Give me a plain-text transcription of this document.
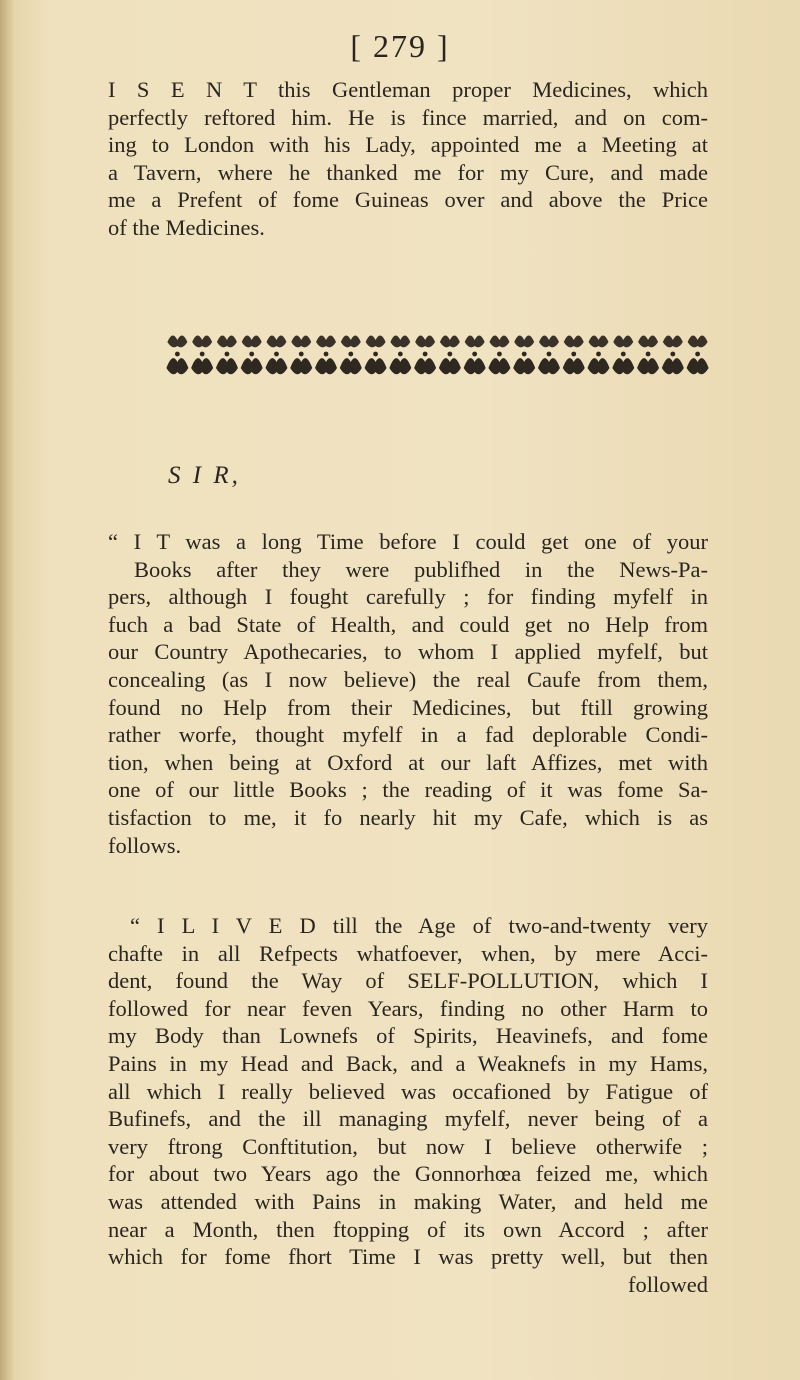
[ 279 ]
I S E N T this Gentleman proper Medicines, which
perfectly reftored him. He is fince married, and on com-
ing to London with his Lady, appointed me a Meeting at
a Tavern, where he thanked me for my Cure, and made
me a Prefent of fome Guineas over and above the Price
of the Medicines.
S I R,
“ I T was a long Time before I could get one of your
Books after they were publifhed in the News-Pa-
pers, although I fought carefully ; for finding myfelf in
fuch a bad State of Health, and could get no Help from
our Country Apothecaries, to whom I applied myfelf, but
concealing (as I now believe) the real Caufe from them,
found no Help from their Medicines, but ftill growing
rather worfe, thought myfelf in a fad deplorable Condi-
tion, when being at Oxford at our laft Affizes, met with
one of our little Books ; the reading of it was fome Sa-
tisfaction to me, it fo nearly hit my Cafe, which is as
follows.
“ I L I V E D till the Age of two-and-twenty very
chafte in all Refpects whatfoever, when, by mere Acci-
dent, found the Way of SELF-POLLUTION, which I
followed for near feven Years, finding no other Harm to
my Body than Lownefs of Spirits, Heavinefs, and fome
Pains in my Head and Back, and a Weaknefs in my Hams,
all which I really believed was occafioned by Fatigue of
Bufinefs, and the ill managing myfelf, never being of a
very ftrong Conftitution, but now I believe otherwife ;
for about two Years ago the Gonnorhœa feized me, which
was attended with Pains in making Water, and held me
near a Month, then ftopping of its own Accord ; after
which for fome fhort Time I was pretty well, but then
followed
